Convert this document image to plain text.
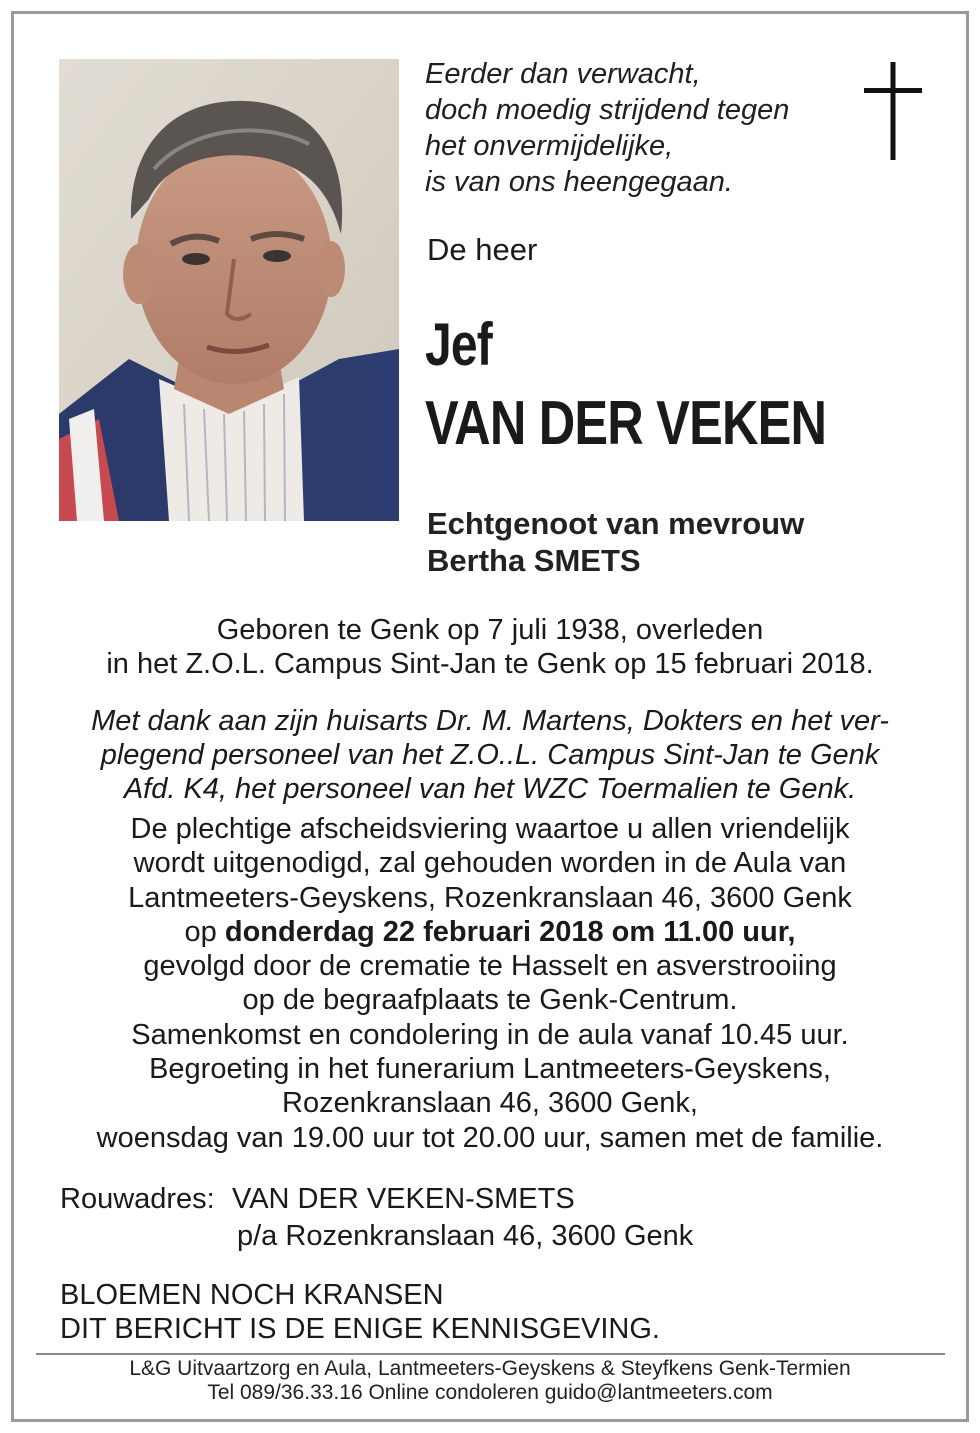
Eerder dan verwacht,
doch moedig strijdend tegen
het onvermijdelijke,
is van ons heengegaan.
De heer
Jef
VAN DER VEKEN
Echtgenoot van mevrouw
Bertha SMETS
Geboren te Genk op 7 juli 1938, overleden
in het Z.O.L. Campus Sint-Jan te Genk op 15 februari 2018.
Met dank aan zijn huisarts Dr. M. Martens, Dokters en het ver-
plegend personeel van het Z.O..L. Campus Sint-Jan te Genk
Afd. K4, het personeel van het WZC Toermalien te Genk.
De plechtige afscheidsviering waartoe u allen vriendelijk
wordt uitgenodigd, zal gehouden worden in de Aula van
Lantmeeters-Geyskens, Rozenkranslaan 46, 3600 Genk
op donderdag 22 februari 2018 om 11.00 uur,
gevolgd door de crematie te Hasselt en asverstrooiing
op de begraafplaats te Genk-Centrum.
Samenkomst en condolering in de aula vanaf 10.45 uur.
Begroeting in het funerarium Lantmeeters-Geyskens,
Rozenkranslaan 46, 3600 Genk,
woensdag van 19.00 uur tot 20.00 uur, samen met de familie.
Rouwadres: VAN DER VEKEN-SMETS
p/a Rozenkranslaan 46, 3600 Genk
BLOEMEN NOCH KRANSEN
DIT BERICHT IS DE ENIGE KENNISGEVING.
L&G Uitvaartzorg en Aula, Lantmeeters-Geyskens & Steyfkens Genk-Termien
Tel 089/36.33.16 Online condoleren guido@lantmeeters.com
